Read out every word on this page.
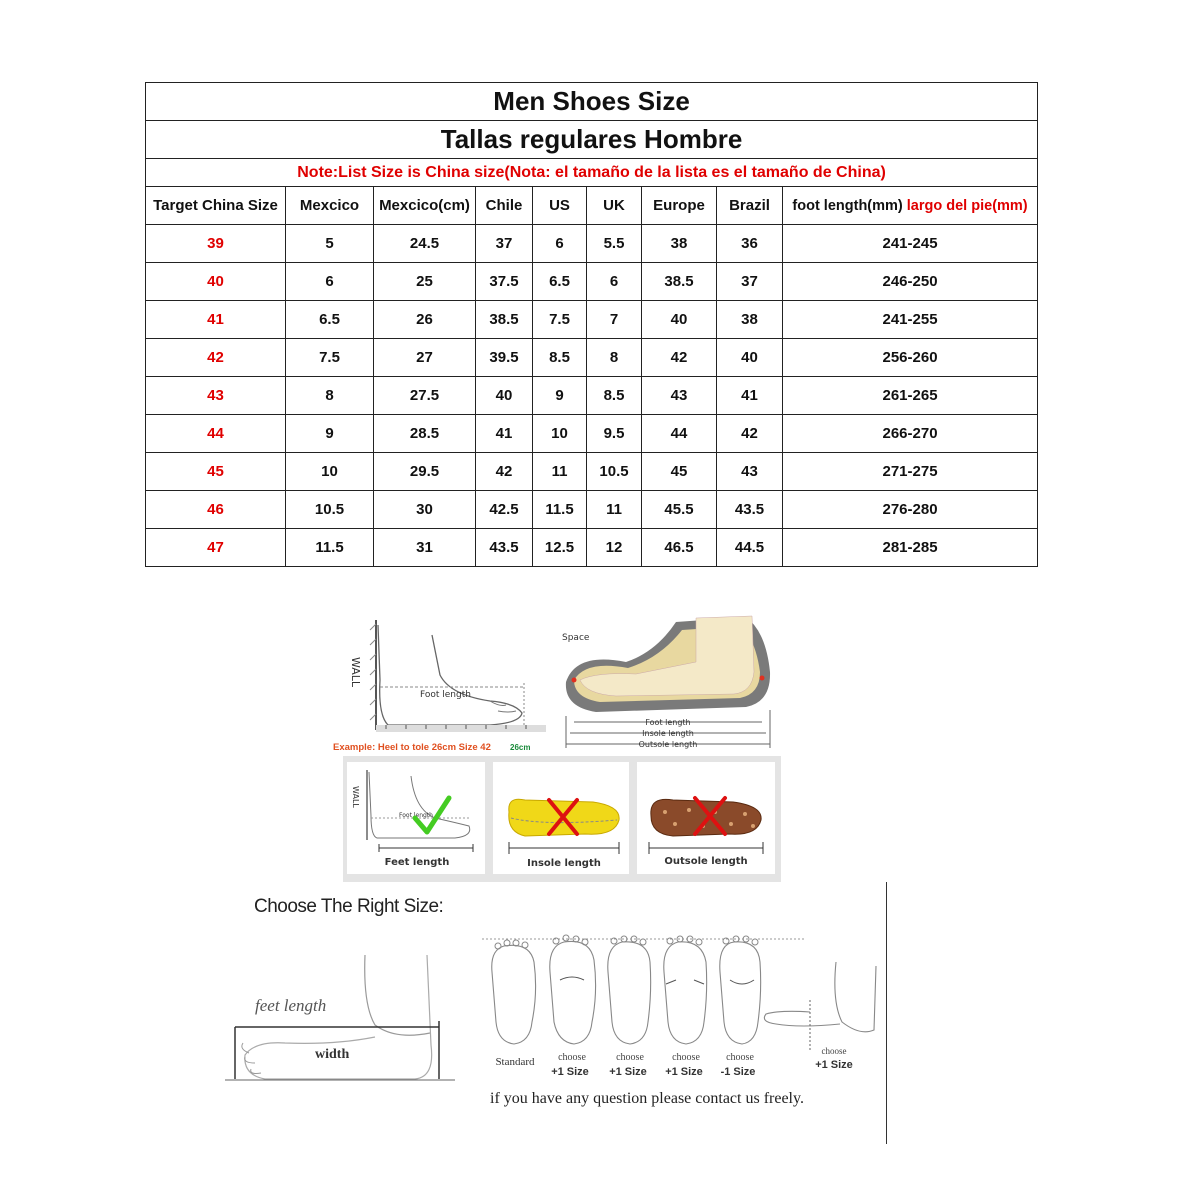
Men Shoes Size								
Tallas regulares Hombre								
Note:List Size is China size(Nota: el tamaño de la lista es el tamaño de China)								
Target China Size	Mexcico	Mexcico(cm)	Chile	US	UK	Europe	Brazil	foot length(mm) largo del pie(mm)
39	5	24.5	37	6	5.5	38	36	241-245
40	6	25	37.5	6.5	6	38.5	37	246-250
41	6.5	26	38.5	7.5	7	40	38	241-255
42	7.5	27	39.5	8.5	8	42	40	256-260
43	8	27.5	40	9	8.5	43	41	261-265
44	9	28.5	41	10	9.5	44	42	266-270
45	10	29.5	42	11	10.5	45	43	271-275
46	10.5	30	42.5	11.5	11	45.5	43.5	276-280
47	11.5	31	43.5	12.5	12	46.5	44.5	281-285
WALL
Foot length
Example: Heel to tole 26cm Size 42 26cm
Space
Foot length
Insole length
Outsole length
WALL
Foot length
Feet length	Insole length	Outsole length
Choose The Right Size:
feet length
width	Standard choose
+1 Size
choose
+1 Size
choose
+1 Size
choose
-1 Size
choose
+1 Size
if you have any question please contact us freely.
